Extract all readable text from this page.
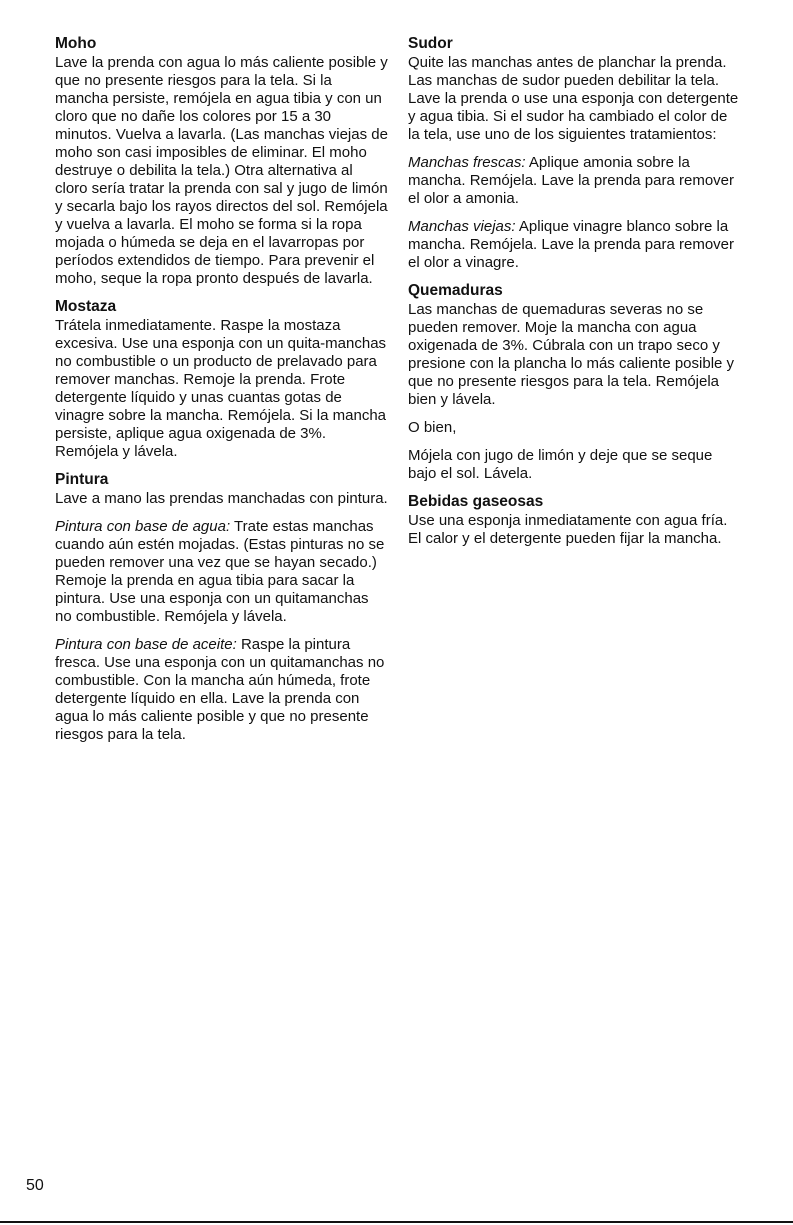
Moho
Lave la prenda con agua lo más caliente posible y que no presente riesgos para la tela. Si la mancha persiste, remójela en agua tibia y con un cloro que no dañe los colores por 15 a 30 minutos. Vuelva a lavarla. (Las manchas viejas de moho son casi imposibles de eliminar. El moho destruye o debilita la tela.) Otra alternativa al cloro sería tratar la prenda con sal y jugo de limón y secarla bajo los rayos directos del sol. Remójela y vuelva a lavarla. El moho se forma si la ropa mojada o húmeda se deja en el lavarropas por períodos extendidos de tiempo. Para prevenir el moho, seque la ropa pronto después de lavarla.
Mostaza
Trátela inmediatamente. Raspe la mostaza excesiva. Use una esponja con un quita-manchas no combustible o un producto de prelavado para remover manchas. Remoje la prenda. Frote detergente líquido y unas cuantas gotas de vinagre sobre la mancha. Remójela. Si la mancha persiste, aplique agua oxigenada de 3%. Remójela y lávela.
Pintura
Lave a mano las prendas manchadas con pintura.
Pintura con base de agua: Trate estas manchas cuando aún estén mojadas. (Estas pinturas no se pueden remover una vez que se hayan secado.) Remoje la prenda en agua tibia para sacar la pintura. Use una esponja con un quitamanchas no combustible. Remójela y lávela.
Pintura con base de aceite: Raspe la pintura fresca. Use una esponja con un quitamanchas no combustible. Con la mancha aún húmeda, frote detergente líquido en ella. Lave la prenda con agua lo más caliente posible y que no presente riesgos para la tela.
Sudor
Quite las manchas antes de planchar la prenda. Las manchas de sudor pueden debilitar la tela. Lave la prenda o use una esponja con detergente y agua tibia. Si el sudor ha cambiado el color de la tela, use uno de los siguientes tratamientos:
Manchas frescas: Aplique amonia sobre la mancha. Remójela. Lave la prenda para remover el olor a amonia.
Manchas viejas: Aplique vinagre blanco sobre la mancha. Remójela. Lave la prenda para remover el olor a vinagre.
Quemaduras
Las manchas de quemaduras severas no se pueden remover. Moje la mancha con agua oxigenada de 3%. Cúbrala con un trapo seco y presione con la plancha lo más caliente posible y que no presente riesgos para la tela. Remójela bien y lávela.
O bien,
Mójela con jugo de limón y deje que se seque bajo el sol. Lávela.
Bebidas gaseosas
Use una esponja inmediatamente con agua fría. El calor y el detergente pueden fijar la mancha.
50
